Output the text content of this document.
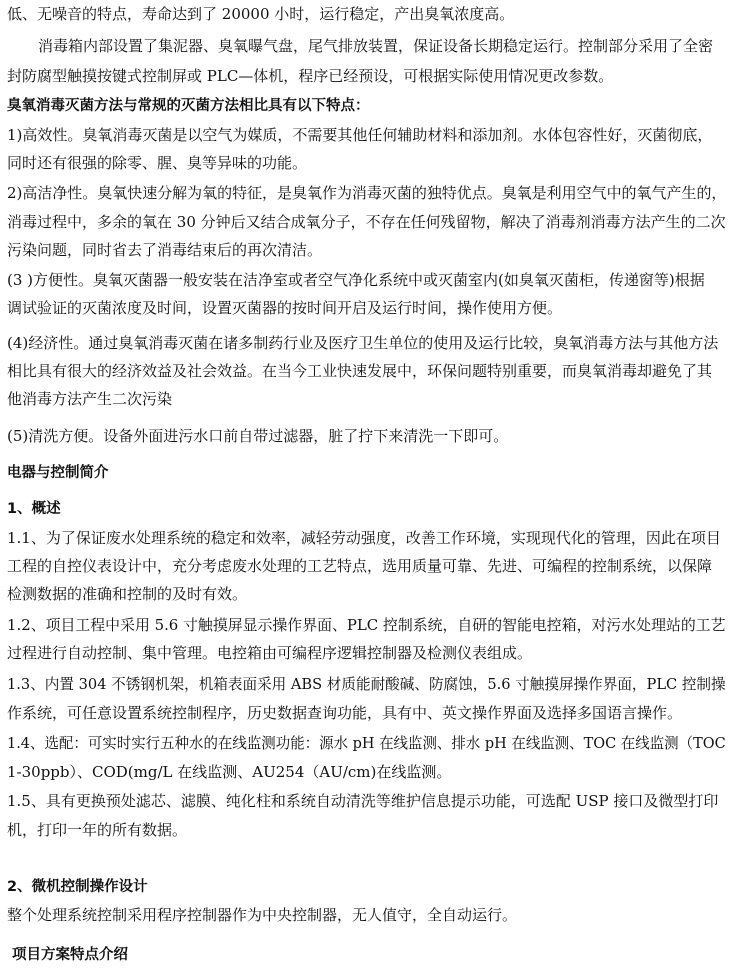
低、无噪音的特点，寿命达到了 20000 小时，运行稳定，产出臭氧浓度高。
消毒箱内部设置了集泥器、臭氧曝气盘，尾气排放装置，保证设备长期稳定运行。控制部分采用了全密
封防腐型触摸按键式控制屏或 PLC—体机，程序已经预设，可根据实际使用情况更改参数。
臭氧消毒灭菌方法与常规的灭菌方法相比具有以下特点：
1)高效性。臭氧消毒灭菌是以空气为媒质，不需要其他任何辅助材料和添加剂。水体包容性好，灭菌彻底，
同时还有很强的除零、腥、臭等异味的功能。
2)高洁净性。臭氧快速分解为氧的特征，是臭氧作为消毒灭菌的独特优点。臭氧是利用空气中的氧气产生的，
消毒过程中，多余的氧在 30 分钟后又结合成氧分子，不存在任何残留物，解决了消毒剂消毒方法产生的二次
污染问题，同时省去了消毒结束后的再次清洁。
(3 )方便性。臭氧灭菌器一般安装在洁净室或者空气净化系统中或灭菌室内(如臭氧灭菌柜，传递窗等)根据
调试验证的灭菌浓度及时间，设置灭菌器的按时间开启及运行时间，操作使用方便。
(4)经济性。通过臭氧消毒灭菌在诸多制药行业及医疗卫生单位的使用及运行比较，臭氧消毒方法与其他方法
相比具有很大的经济效益及社会效益。在当今工业快速发展中，环保问题特别重要，而臭氧消毒却避免了其
他消毒方法产生二次污染
(5)清洗方便。设备外面进污水口前自带过滤器，脏了拧下来清洗一下即可。
电器与控制简介
1、概述
1.1、为了保证废水处理系统的稳定和效率，减轻劳动强度，改善工作环境，实现现代化的管理，因此在项目
工程的自控仪表设计中，充分考虑废水处理的工艺特点，选用质量可靠、先进、可编程的控制系统，以保障
检测数据的准确和控制的及时有效。
1.2、项目工程中采用 5.6 寸触摸屏显示操作界面、PLC 控制系统，自研的智能电控箱，对污水处理站的工艺
过程进行自动控制、集中管理。电控箱由可编程序逻辑控制器及检测仪表组成。
1.3、内置 304 不锈钢机架，机箱表面采用 ABS 材质能耐酸碱、防腐蚀，5.6 寸触摸屏操作界面，PLC 控制操
作系统，可任意设置系统控制程序，历史数据查询功能，具有中、英文操作界面及选择多国语言操作。
1.4、选配：可实时实行五种水的在线监测功能：源水 pH 在线监测、排水 pH 在线监测、TOC 在线监测（TOC
1-30ppb）、COD(mg/L 在线监测、AU254（AU/cm)在线监测。
1.5、具有更换预处滤芯、滤膜、纯化柱和系统自动清洗等维护信息提示功能，可选配 USP 接口及微型打印
机，打印一年的所有数据。
2、微机控制操作设计
整个处理系统控制采用程序控制器作为中央控制器，无人值守，全自动运行。
项目方案特点介绍
